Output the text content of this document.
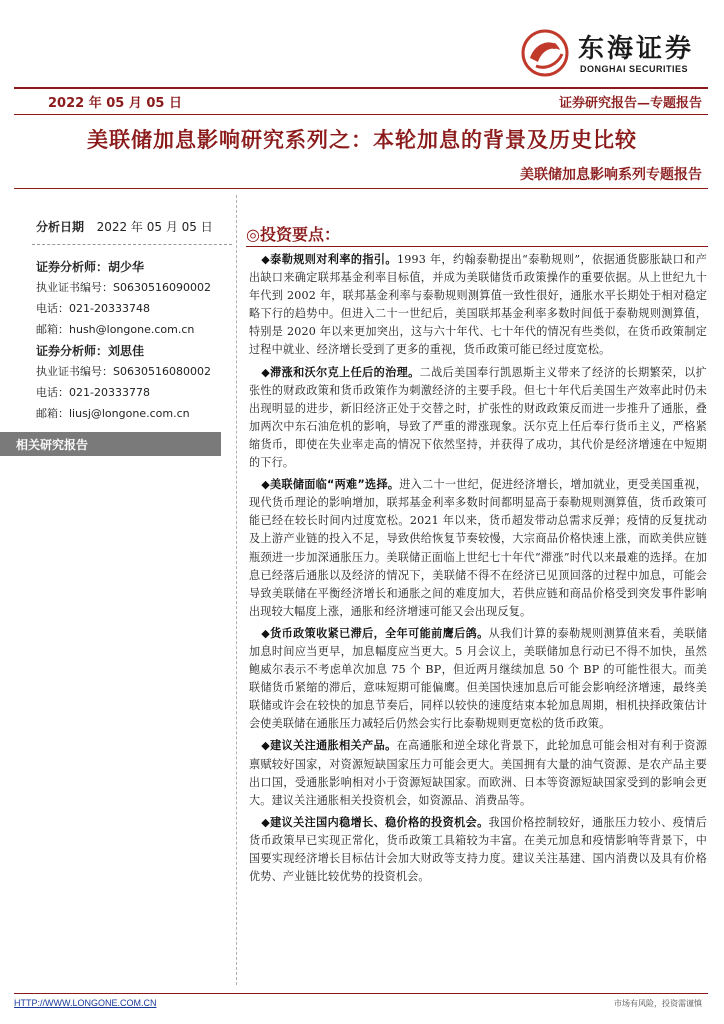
东海证券
DONGHAI SECURITIES
2022 年 05 月 05 日	证券研究报告—专题报告
美联储加息影响研究系列之：本轮加息的背景及历史比较
美联储加息影响系列专题报告
分析日期 2022 年 05 月 05 日
证券分析师：胡少华
执业证书编号：S0630516090002
电话：021-20333748
邮箱：hush@longone.com.cn
证券分析师：刘思佳
执业证书编号：S0630516080002
电话：021-20333778
邮箱：liusj@longone.com.cn
相关研究报告
◎投资要点：

◆泰勒规则对利率的指引。1993 年，约翰泰勒提出“泰勒规则”，依据通货膨胀缺口和产出缺口来确定联邦基金利率目标值，并成为美联储货币政策操作的重要依据。从上世纪九十年代到 2002 年，联邦基金利率与泰勒规则测算值一致性很好，通胀水平长期处于相对稳定略下行的趋势中。但进入二十一世纪后，美国联邦基金利率多数时间低于泰勒规则测算值，特别是 2020 年以来更加突出，这与六十年代、七十年代的情况有些类似，在货币政策制定过程中就业、经济增长受到了更多的重视，货币政策可能已经过度宽松。

◆滞涨和沃尔克上任后的治理。二战后美国奉行凯恩斯主义带来了经济的长期繁荣，以扩张性的财政政策和货币政策作为刺激经济的主要手段。但七十年代后美国生产效率此时仍未出现明显的进步，新旧经济正处于交替之时，扩张性的财政政策反而进一步推升了通胀，叠加两次中东石油危机的影响，导致了严重的滞涨现象。沃尔克上任后奉行货币主义，严格紧缩货币，即使在失业率走高的情况下依然坚持，并获得了成功，其代价是经济增速在中短期的下行。

◆美联储面临“两难”选择。进入二十一世纪，促进经济增长，增加就业，更受美国重视，现代货币理论的影响增加，联邦基金利率多数时间都明显高于泰勒规则测算值，货币政策可能已经在较长时间内过度宽松。2021 年以来，货币超发带动总需求反弹；疫情的反复扰动及上游产业链的投入不足，导致供给恢复节奏较慢，大宗商品价格快速上涨，而欧美供应链瓶颈进一步加深通胀压力。美联储正面临上世纪七十年代“滞涨”时代以来最难的选择。在加息已经落后通胀以及经济的情况下，美联储不得不在经济已见顶回落的过程中加息，可能会导致美联储在平衡经济增长和通胀之间的难度加大，若供应链和商品价格受到突发事件影响出现较大幅度上涨，通胀和经济增速可能又会出现反复。

◆货币政策收紧已滞后，全年可能前鹰后鸽。从我们计算的泰勒规则测算值来看，美联储加息时间应当更早，加息幅度应当更大。5 月会议上，美联储加息行动已不得不加快，虽然鲍威尔表示不考虑单次加息 75 个 BP，但近两月继续加息 50 个 BP 的可能性很大。而美联储货币紧缩的滞后，意味短期可能偏鹰。但美国快速加息后可能会影响经济增速，最终美联储或许会在较快的加息节奏后，同样以较快的速度结束本轮加息周期，相机抉择政策估计会使美联储在通胀压力减轻后仍然会实行比泰勒规则更宽松的货币政策。

◆建议关注通胀相关产品。在高通胀和逆全球化背景下，此轮加息可能会相对有利于资源禀赋较好国家，对资源短缺国家压力可能会更大。美国拥有大量的油气资源、是农产品主要出口国，受通胀影响相对小于资源短缺国家。而欧洲、日本等资源短缺国家受到的影响会更大。建议关注通胀相关投资机会，如资源品、消费品等。

◆建议关注国内稳增长、稳价格的投资机会。我国价格控制较好，通胀压力较小、疫情后货币政策早已实现正常化，货币政策工具箱较为丰富。在美元加息和疫情影响等背景下，中国要实现经济增长目标估计会加大财政等支持力度。建议关注基建、国内消费以及具有价格优势、产业链比较优势的投资机会。

HTTP://WWW.LONGONE.COM.CN	市场有风险，投资需谨慎
